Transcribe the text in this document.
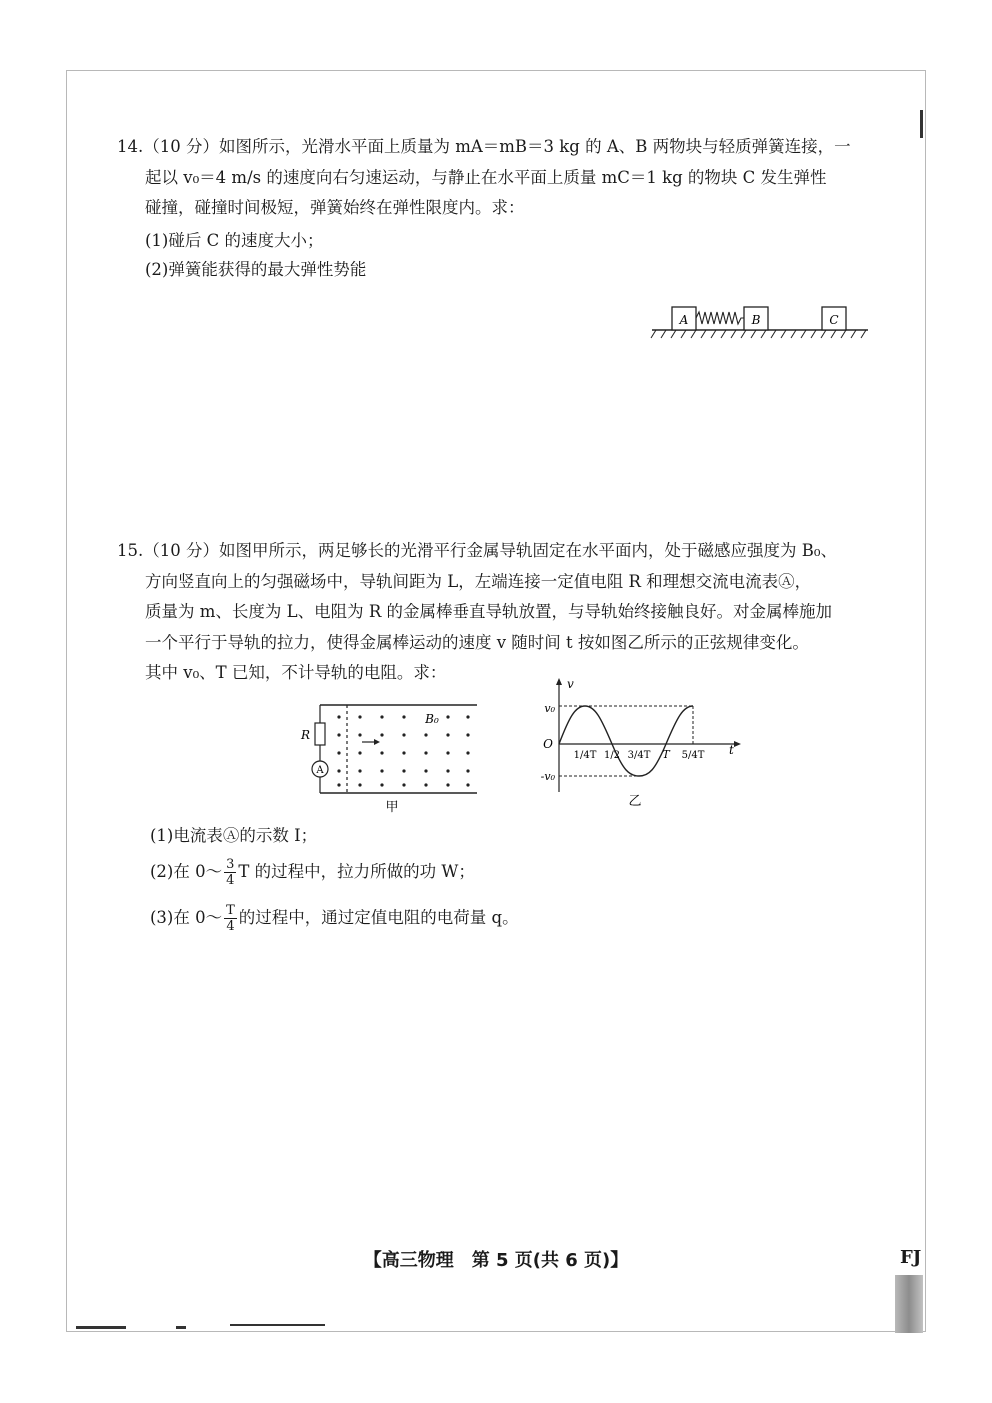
14.（10 分）如图所示，光滑水平面上质量为 mA＝mB＝3 kg 的 A、B 两物块与轻质弹簧连接，一

起以 v₀＝4 m/s 的速度向右匀速运动，与静止在水平面上质量 mC＝1 kg 的物块 C 发生弹性

碰撞，碰撞时间极短，弹簧始终在弹性限度内。求：

(1)碰后 C 的速度大小；
(2)弹簧能获得的最大弹性势能
A	B	C

15.（10 分）如图甲所示，两足够长的光滑平行金属导轨固定在水平面内，处于磁感应强度为 B₀、

方向竖直向上的匀强磁场中，导轨间距为 L，左端连接一定值电阻 R 和理想交流电流表Ⓐ，

质量为 m、长度为 L、电阻为 R 的金属棒垂直导轨放置，与导轨始终接触良好。对金属棒施加

一个平行于导轨的拉力，使得金属棒运动的速度 v 随时间 t 按如图乙所示的正弦规律变化。

其中 v₀、T 已知，不计导轨的电阻。求：

R
A
B₀
甲
v
t
O
v₀
-v₀
1/4T 1/2 3/4T T 5/4T
乙
(1)电流表Ⓐ的示数 I；
(2)在 0～ $\frac{3}{4}$ T 的过程中，拉力所做的功 W；
(3)在 0～ $\frac{T}{4}$ 的过程中，通过定值电阻的电荷量 q。
【高三物理　第 5 页(共 6 页)】	FJ
